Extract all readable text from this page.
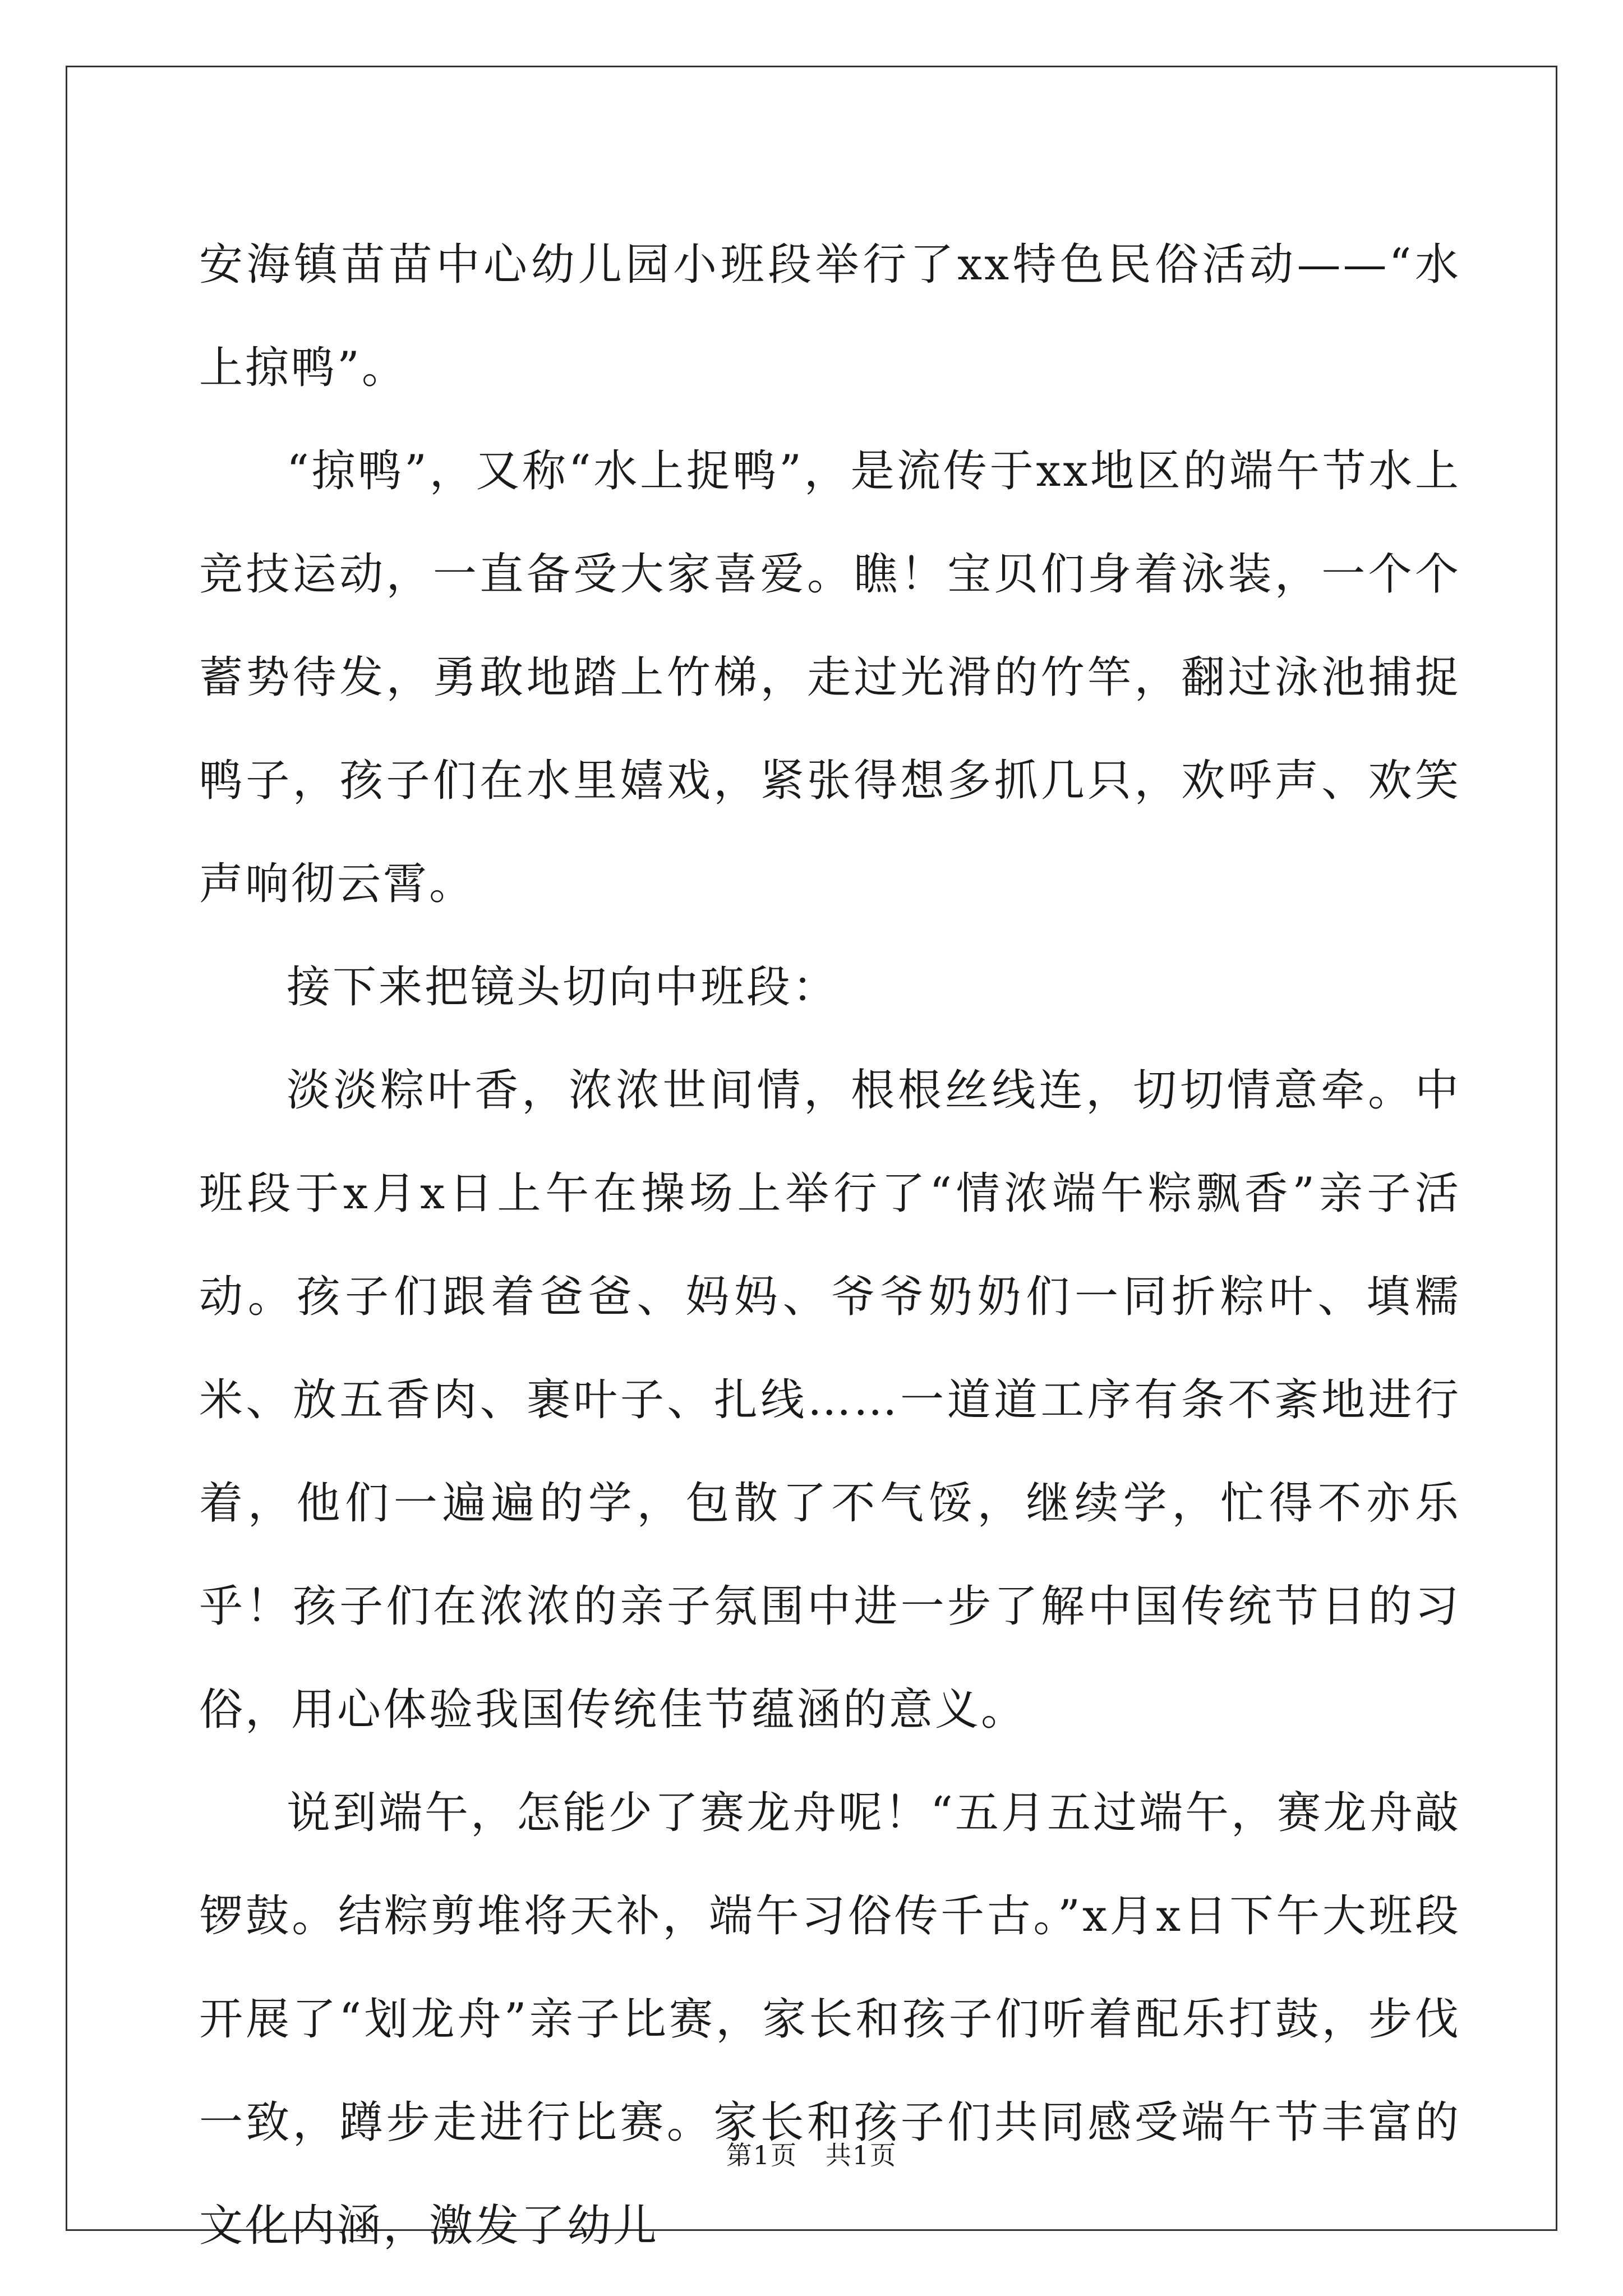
安海镇苗苗中心幼儿园小班段举行了xx特色民俗活动——“水上掠鸭”。

“掠鸭”，又称“水上捉鸭”，是流传于xx地区的端午节水上竞技运动，一直备受大家喜爱。瞧！宝贝们身着泳装，一个个蓄势待发，勇敢地踏上竹梯，走过光滑的竹竿，翻过泳池捕捉鸭子，孩子们在水里嬉戏，紧张得想多抓几只，欢呼声、欢笑声响彻云霄。

接下来把镜头切向中班段：

淡淡粽叶香，浓浓世间情，根根丝线连，切切情意牵。中班段于x月x日上午在操场上举行了“情浓端午粽飘香”亲子活动。孩子们跟着爸爸、妈妈、爷爷奶奶们一同折粽叶、填糯米、放五香肉、裹叶子、扎线……一道道工序有条不紊地进行着，他们一遍遍的学，包散了不气馁，继续学，忙得不亦乐乎！孩子们在浓浓的亲子氛围中进一步了解中国传统节日的习俗，用心体验我国传统佳节蕴涵的意义。

说到端午，怎能少了赛龙舟呢！“五月五过端午，赛龙舟敲锣鼓。结粽剪堆将天补，端午习俗传千古。”x月x日下午大班段开展了“划龙舟”亲子比赛，家长和孩子们听着配乐打鼓，步伐一致，蹲步走进行比赛。家长和孩子们共同感受端午节丰富的文化内涵，激发了幼儿

第1页   共1页
